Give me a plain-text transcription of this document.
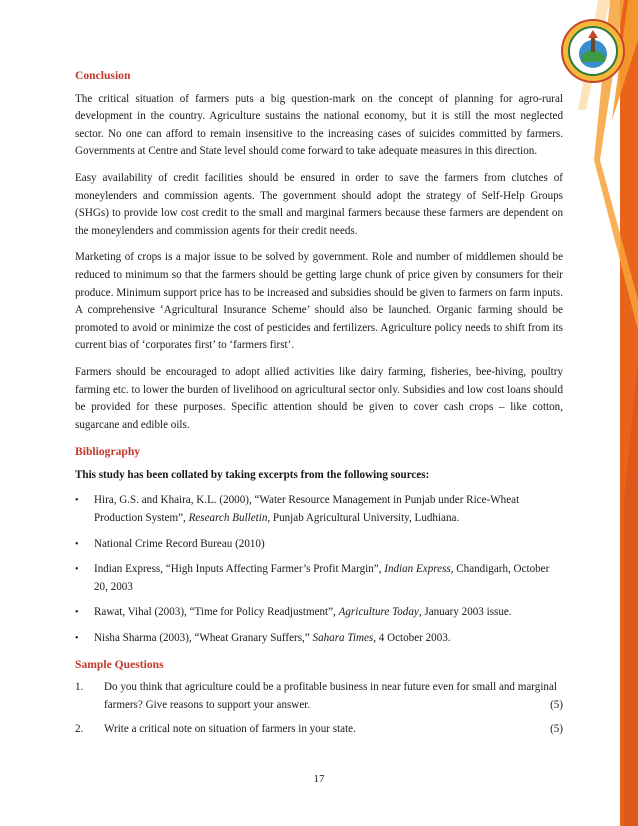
Conclusion

The critical situation of farmers puts a big question-mark on the concept of planning for agro-rural development in the country. Agriculture sustains the national economy, but it is still the most neglected sector. No one can afford to remain insensitive to the increasing cases of suicides committed by farmers. Governments at Centre and State level should come forward to take adequate measures in this direction.

Easy availability of credit facilities should be ensured in order to save the farmers from clutches of moneylenders and commission agents. The government should adopt the strategy of Self-Help Groups (SHGs) to provide low cost credit to the small and marginal farmers because these farmers are dependent on the moneylenders and commission agents for their credit needs.

Marketing of crops is a major issue to be solved by government. Role and number of middlemen should be reduced to minimum so that the farmers should be getting large chunk of price given by consumers for their produce. Minimum support price has to be increased and subsidies should be given to farmers on farm inputs. A comprehensive ‘Agricultural Insurance Scheme’ should also be launched. Organic farming should be promoted to avoid or minimize the cost of pesticides and fertilizers. Agriculture policy needs to shift from its current bias of ‘corporates first’ to ‘farmers first’.

Farmers should be encouraged to adopt allied activities like dairy farming, fisheries, bee-hiving, poultry farming etc. to lower the burden of livelihood on agricultural sector only. Subsidies and low cost loans should be provided for these purposes. Specific attention should be given to cover cash crops – like cotton, sugarcane and edible oils.

Bibliography
This study has been collated by taking excerpts from the following sources:
• Hira, G.S. and Khaira, K.L. (2000), “Water Resource Management in Punjab under Rice-Wheat Production System”, Research Bulletin, Punjab Agricultural University, Ludhiana.
• National Crime Record Bureau (2010)
• Indian Express, “High Inputs Affecting Farmer’s Profit Margin”, Indian Express, Chandigarh, October 20, 2003
• Rawat, Vihal (2003), “Time for Policy Readjustment”, Agriculture Today, January 2003 issue.
• Nisha Sharma (2003), “Wheat Granary Suffers,” Sahara Times, 4 October 2003.
Sample Questions
1. Do you think that agriculture could be a profitable business in near future even for small and marginal farmers? Give reasons to support your answer.	(5)
2. Write a critical note on situation of farmers in your state.	(5)
17
